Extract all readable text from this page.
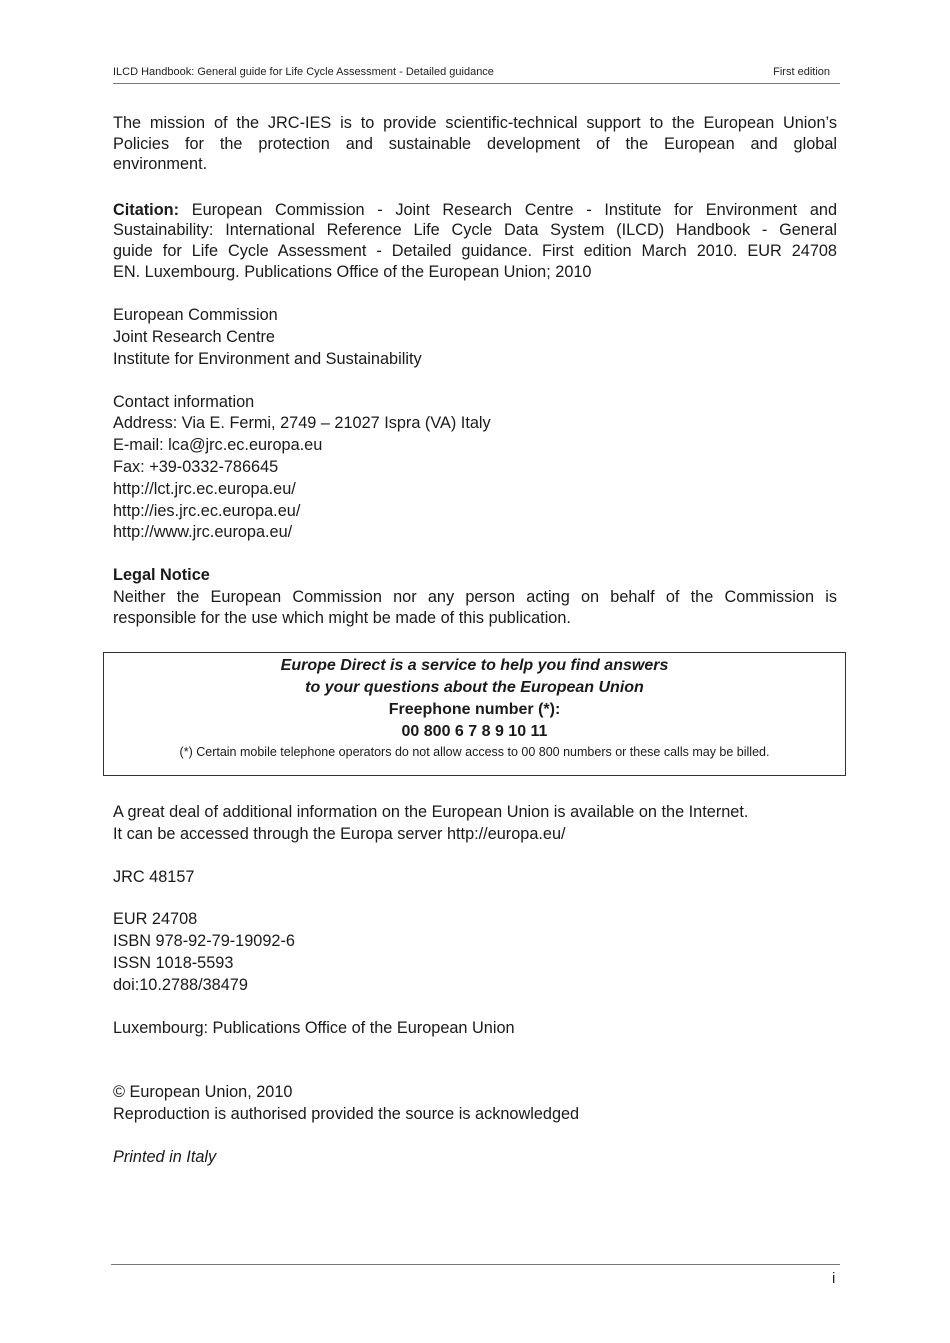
ILCD Handbook: General guide for Life Cycle Assessment - Detailed guidance	First edition

The mission of the JRC-IES is to provide scientific-technical support to the European Union’s
Policies for the protection and sustainable development of the European and global
environment.

Citation: European Commission - Joint Research Centre - Institute for Environment and
Sustainability: International Reference Life Cycle Data System (ILCD) Handbook - General
guide for Life Cycle Assessment - Detailed guidance. First edition March 2010. EUR 24708
EN. Luxembourg. Publications Office of the European Union; 2010

European Commission
Joint Research Centre
Institute for Environment and Sustainability

Contact information
Address: Via E. Fermi, 2749 – 21027 Ispra (VA) Italy
E-mail: lca@jrc.ec.europa.eu
Fax: +39-0332-786645
http://lct.jrc.ec.europa.eu/
http://ies.jrc.ec.europa.eu/
http://www.jrc.europa.eu/

Legal Notice
Neither the European Commission nor any person acting on behalf of the Commission is
responsible for the use which might be made of this publication.

Europe Direct is a service to help you find answers
to your questions about the European Union
Freephone number (*):
00 800 6 7 8 9 10 11
(*) Certain mobile telephone operators do not allow access to 00 800 numbers or these calls may be billed.

A great deal of additional information on the European Union is available on the Internet.
It can be accessed through the Europa server http://europa.eu/

JRC 48157

EUR 24708
ISBN 978-92-79-19092-6
ISSN 1018-5593
doi:10.2788/38479

Luxembourg: Publications Office of the European Union

© European Union, 2010
Reproduction is authorised provided the source is acknowledged

Printed in Italy

i
